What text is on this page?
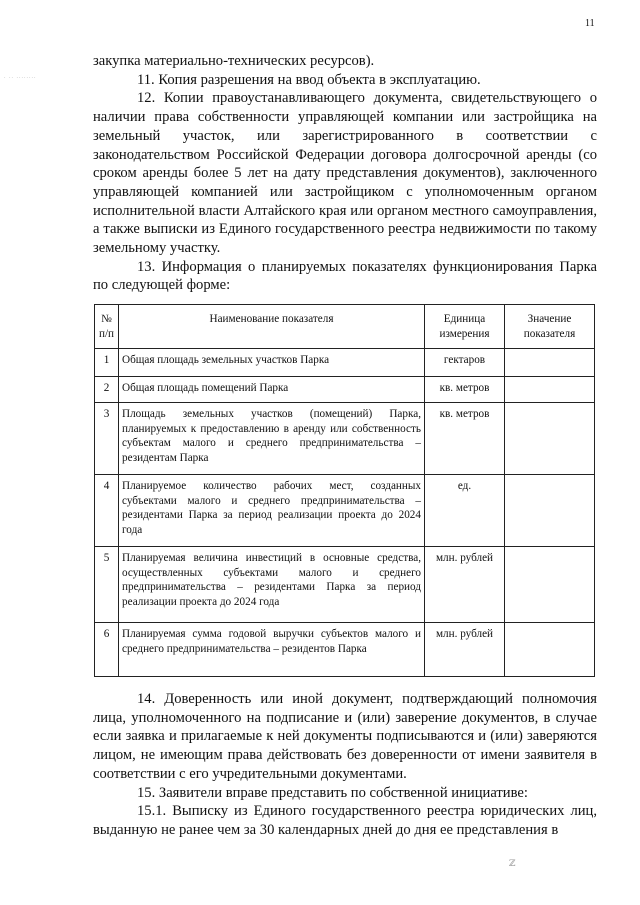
11
. .. ........

закупка материально-технических ресурсов).

11. Копия разрешения на ввод объекта в эксплуатацию.

12. Копии правоустанавливающего документа, свидетельствующего о наличии права собственности управляющей компании или застройщика на земельный участок, или зарегистрированного в соответствии с законодательством Российской Федерации договора долгосрочной аренды (со сроком аренды более 5 лет на дату представления документов), заключенного управляющей компанией или застройщиком с уполномоченным органом исполнительной власти Алтайского края или органом местного самоуправления, а также выписки из Единого государственного реестра недвижимости по такому земельному участку.

13. Информация о планируемых показателях функционирования Парка по следующей форме:

№ п/п	Наименование показателя	Единица измерения	Значение показателя
1	Общая площадь земельных участков Парка	гектаров	
2	Общая площадь помещений Парка	кв. метров	
3	Площадь земельных участков (помещений) Парка, планируемых к предоставлению в аренду или собственность субъектам малого и среднего предпринимательства – резидентам Парка	кв. метров	
4	Планируемое количество рабочих мест, созданных субъектами малого и среднего предпринимательства – резидентами Парка за период реализации проекта до 2024 года	ед.	
5	Планируемая величина инвестиций в основные средства, осуществленных субъектами малого и среднего предпринимательства – резидентами Парка за период реализации проекта до 2024 года	млн. рублей	
6	Планируемая сумма годовой выручки субъектов малого и среднего предпринимательства – резидентов Парка	млн. рублей	

14. Доверенность или иной документ, подтверждающий полномочия лица, уполномоченного на подписание и (или) заверение документов, в случае если заявка и прилагаемые к ней документы подписываются и (или) заверяются лицом, не имеющим права действовать без доверенности от имени заявителя в соответствии с его учредительными документами.

15. Заявители вправе представить по собственной инициативе:

15.1. Выписку из Единого государственного реестра юридических лиц, выданную не ранее чем за 30 календарных дней до дня ее представления в

ℤ
